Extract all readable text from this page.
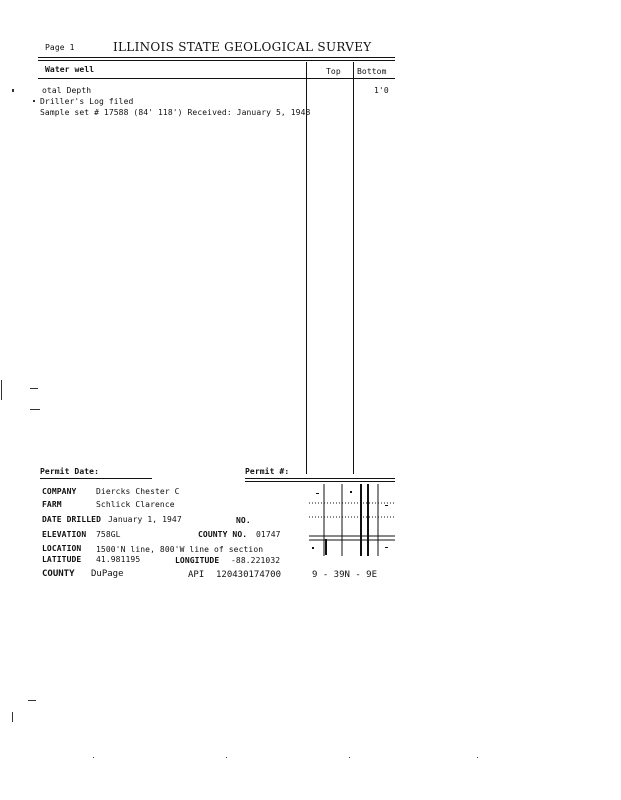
Page 1	ILLINOIS STATE GEOLOGICAL SURVEY
Water well	Top Bottom
otal Depth	1'0
Driller's Log filed
Sample set # 17588 (84' 118') Received: January 5, 1948
Permit Date:	Permit #:
COMPANY Diercks Chester C
FARM	Schlick Clarence
DATE DRILLED January 1, 1947	NO.
ELEVATION 758GL	COUNTY NO. 01747
LOCATION 1500'N line, 800'W line of section
LATITUDE 41.981195	LONGITUDE -88.221032
COUNTY DuPage	API 120430174700	9 - 39N - 9E
